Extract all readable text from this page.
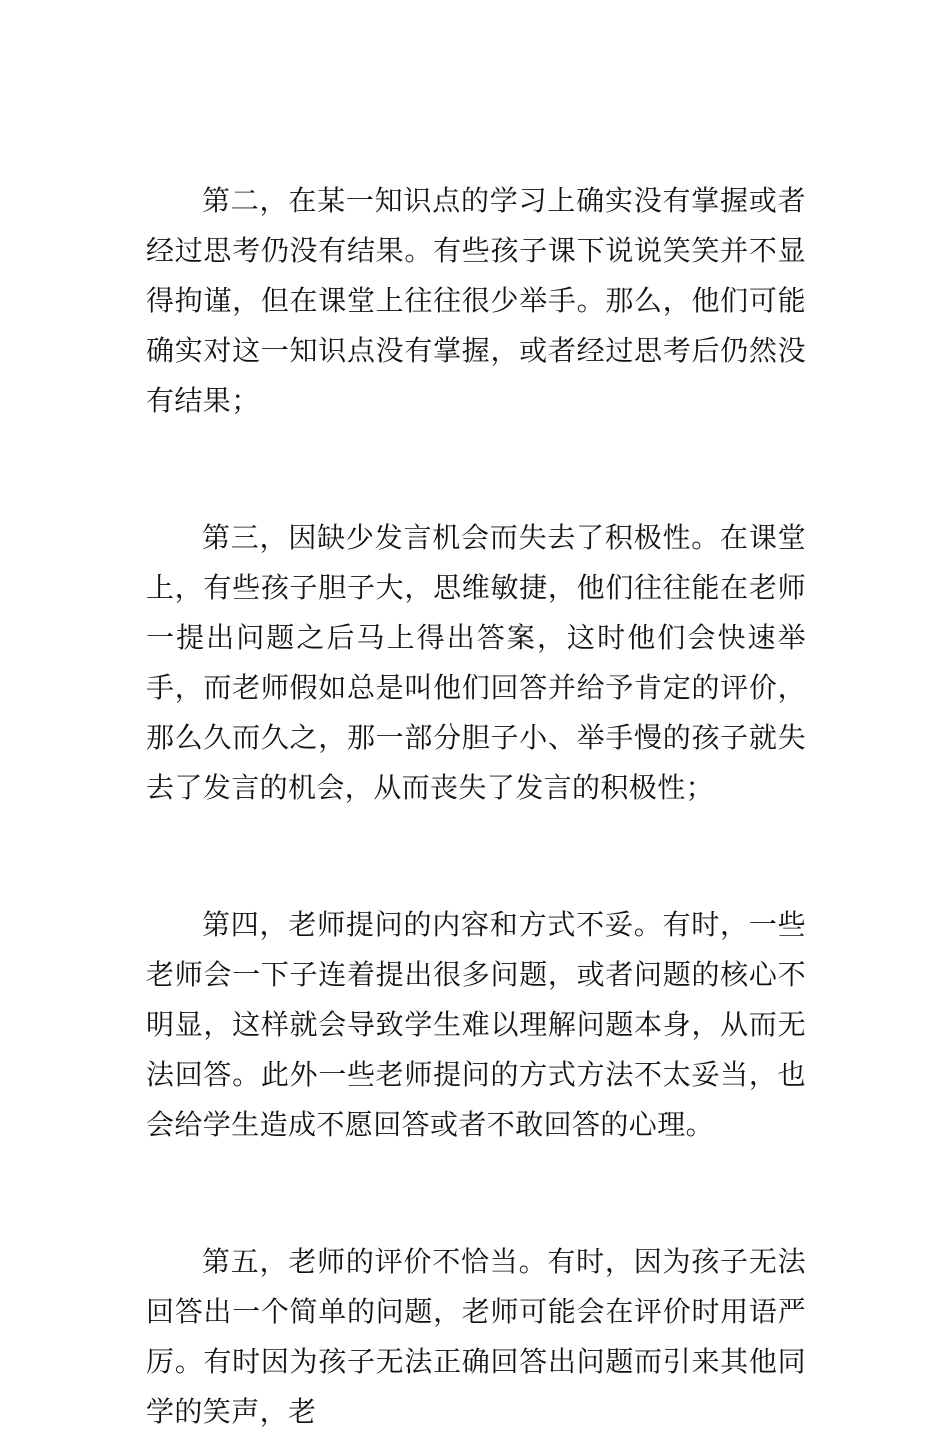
第二，在某一知识点的学习上确实没有掌握或者经过思考仍没有结果。有些孩子课下说说笑笑并不显得拘谨，但在课堂上往往很少举手。那么，他们可能确实对这一知识点没有掌握，或者经过思考后仍然没有结果；

第三，因缺少发言机会而失去了积极性。在课堂上，有些孩子胆子大，思维敏捷，他们往往能在老师一提出问题之后马上得出答案，这时他们会快速举手，而老师假如总是叫他们回答并给予肯定的评价，那么久而久之，那一部分胆子小、举手慢的孩子就失去了发言的机会，从而丧失了发言的积极性；

第四，老师提问的内容和方式不妥。有时，一些老师会一下子连着提出很多问题，或者问题的核心不明显，这样就会导致学生难以理解问题本身，从而无法回答。此外一些老师提问的方式方法不太妥当，也会给学生造成不愿回答或者不敢回答的心理。

第五，老师的评价不恰当。有时，因为孩子无法回答出一个简单的问题，老师可能会在评价时用语严厉。有时因为孩子无法正确回答出问题而引来其他同学的笑声，老
